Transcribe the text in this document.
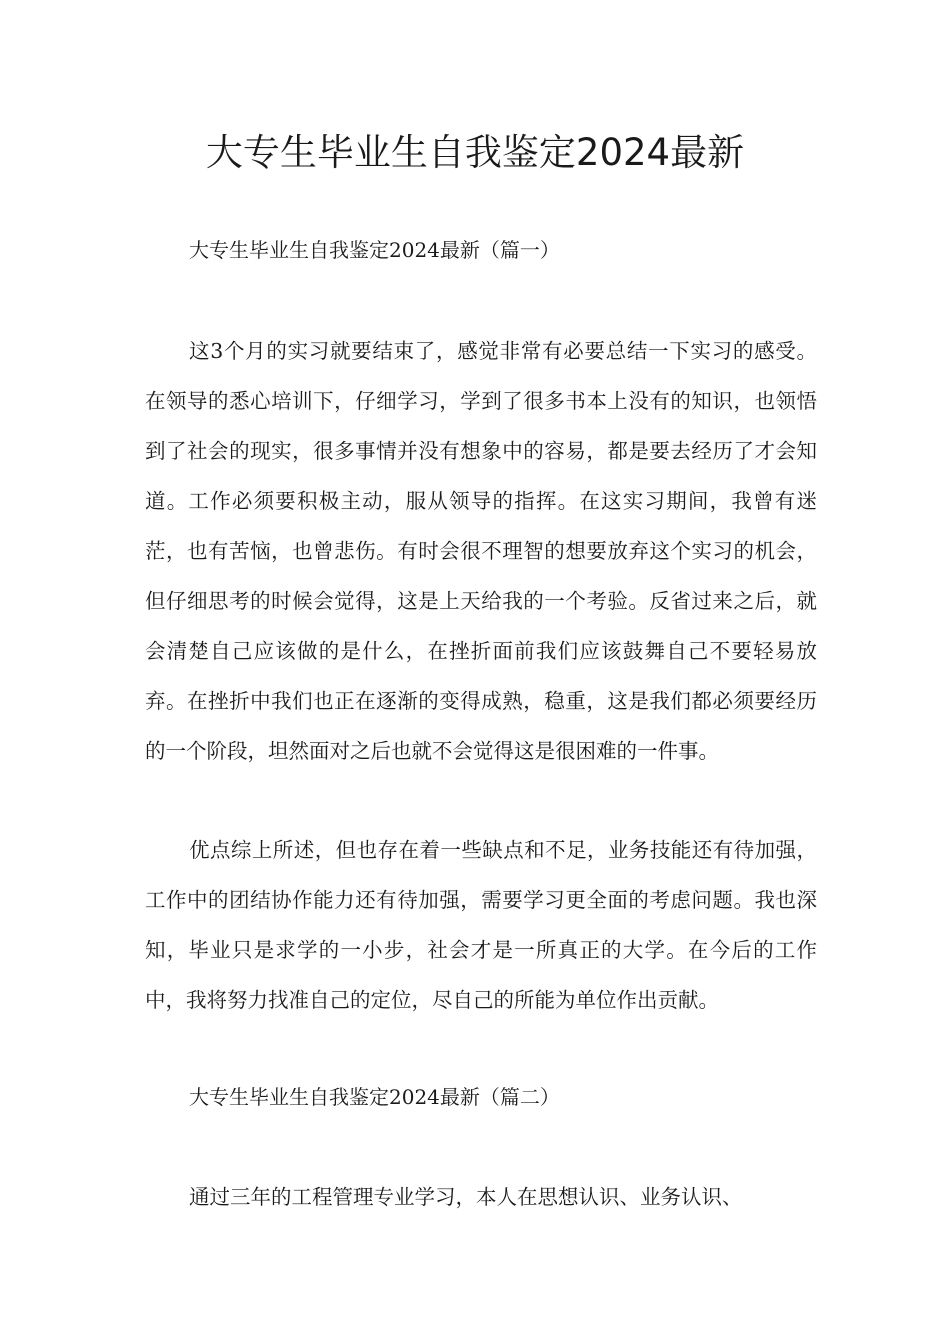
大专生毕业生自我鉴定2024最新
大专生毕业生自我鉴定2024最新（篇一）

这3个月的实习就要结束了，感觉非常有必要总结一下实习的感受。在领导的悉心培训下，仔细学习，学到了很多书本上没有的知识，也领悟到了社会的现实，很多事情并没有想象中的容易，都是要去经历了才会知道。工作必须要积极主动，服从领导的指挥。在这实习期间，我曾有迷茫，也有苦恼，也曾悲伤。有时会很不理智的想要放弃这个实习的机会，但仔细思考的时候会觉得，这是上天给我的一个考验。反省过来之后，就会清楚自己应该做的是什么，在挫折面前我们应该鼓舞自己不要轻易放弃。在挫折中我们也正在逐渐的变得成熟，稳重，这是我们都必须要经历的一个阶段，坦然面对之后也就不会觉得这是很困难的一件事。

优点综上所述，但也存在着一些缺点和不足，业务技能还有待加强，工作中的团结协作能力还有待加强，需要学习更全面的考虑问题。我也深知，毕业只是求学的一小步，社会才是一所真正的大学。在今后的工作中，我将努力找准自己的定位，尽自己的所能为单位作出贡献。

大专生毕业生自我鉴定2024最新（篇二）

通过三年的工程管理专业学习，本人在思想认识、业务认识、
